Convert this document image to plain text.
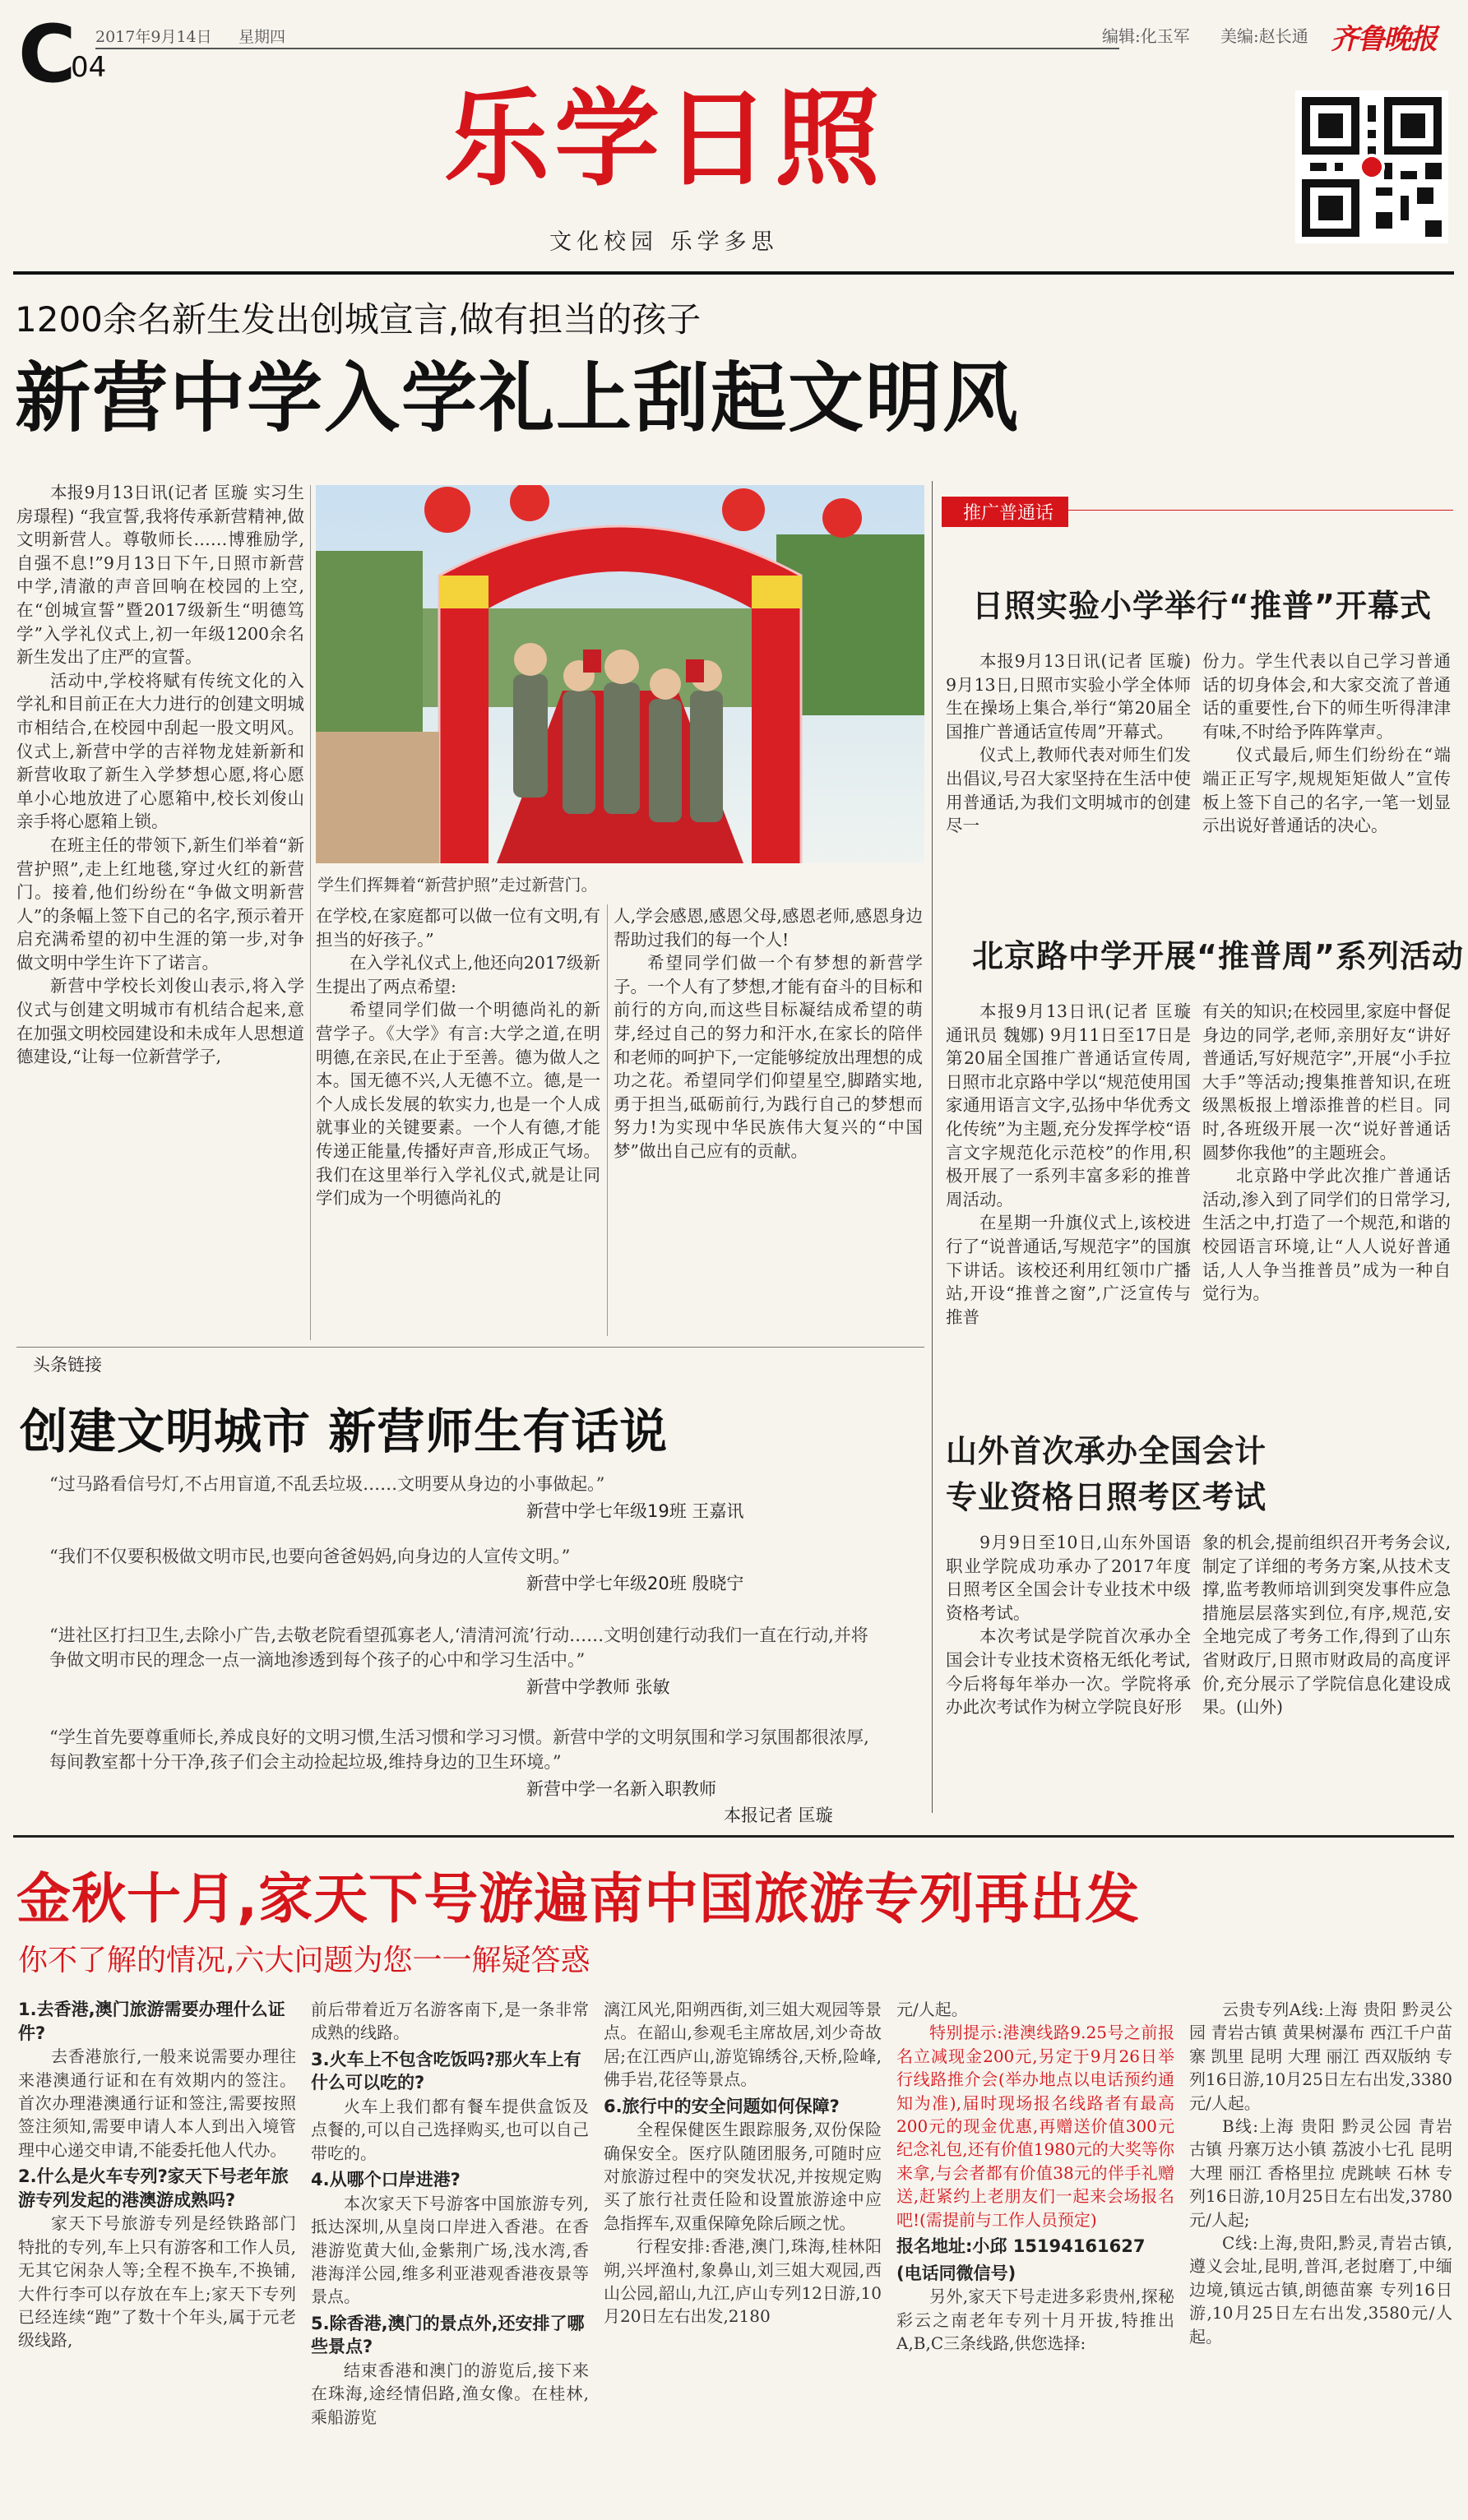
C
04
2017年9月14日 星期四	编辑:化玉军 美编:赵长通 齐鲁晚报
乐学日照
文化校园 乐学多思
1200余名新生发出创城宣言,做有担当的孩子
新营中学入学礼上刮起文明风

本报9月13日讯(记者 匡璇 实习生 房璟程) “我宣誓,我将传承新营精神,做文明新营人。尊敬师长……博雅励学,自强不息!”9月13日下午,日照市新营中学,清澈的声音回响在校园的上空,在“创城宣誓”暨2017级新生“明德笃学”入学礼仪式上,初一年级1200余名新生发出了庄严的宣誓。

活动中,学校将赋有传统文化的入学礼和目前正在大力进行的创建文明城市相结合,在校园中刮起一股文明风。仪式上,新营中学的吉祥物龙娃新新和新营收取了新生入学梦想心愿,将心愿单小心地放进了心愿箱中,校长刘俊山亲手将心愿箱上锁。

在班主任的带领下,新生们举着“新营护照”,走上红地毯,穿过火红的新营门。接着,他们纷纷在“争做文明新营人”的条幅上签下自己的名字,预示着开启充满希望的初中生涯的第一步,对争做文明中学生许下了诺言。

新营中学校长刘俊山表示,将入学仪式与创建文明城市有机结合起来,意在加强文明校园建设和未成年人思想道德建设,“让每一位新营学子,

学生们挥舞着“新营护照”走过新营门。

在学校,在家庭都可以做一位有文明,有担当的好孩子。”

在入学礼仪式上,他还向2017级新生提出了两点希望:

希望同学们做一个明德尚礼的新营学子。《大学》有言:大学之道,在明明德,在亲民,在止于至善。德为做人之本。国无德不兴,人无德不立。德,是一个人成长发展的软实力,也是一个人成就事业的关键要素。一个人有德,才能传递正能量,传播好声音,形成正气场。我们在这里举行入学礼仪式,就是让同学们成为一个明德尚礼的

人,学会感恩,感恩父母,感恩老师,感恩身边帮助过我们的每一个人!

希望同学们做一个有梦想的新营学子。一个人有了梦想,才能有奋斗的目标和前行的方向,而这些目标凝结成希望的萌芽,经过自己的努力和汗水,在家长的陪伴和老师的呵护下,一定能够绽放出理想的成功之花。希望同学们仰望星空,脚踏实地,勇于担当,砥砺前行,为践行自己的梦想而努力!为实现中华民族伟大复兴的“中国梦”做出自己应有的贡献。

头条链接
创建文明城市 新营师生有话说
“过马路看信号灯,不占用盲道,不乱丢垃圾……文明要从身边的小事做起。”
新营中学七年级19班 王嘉讯
“我们不仅要积极做文明市民,也要向爸爸妈妈,向身边的人宣传文明。”
新营中学七年级20班 殷晓宁
“进社区打扫卫生,去除小广告,去敬老院看望孤寡老人,‘清清河流’行动……文明创建行动我们一直在行动,并将争做文明市民的理念一点一滴地渗透到每个孩子的心中和学习生活中。”
新营中学教师 张敏
“学生首先要尊重师长,养成良好的文明习惯,生活习惯和学习习惯。新营中学的文明氛围和学习氛围都很浓厚,每间教室都十分干净,孩子们会主动捡起垃圾,维持身边的卫生环境。”
新营中学一名新入职教师
本报记者 匡璇
推广普通话
日照实验小学举行“推普”开幕式

本报9月13日讯(记者 匡璇) 9月13日,日照市实验小学全体师生在操场上集合,举行“第20届全国推广普通话宣传周”开幕式。

仪式上,教师代表对师生们发出倡议,号召大家坚持在生活中使用普通话,为我们文明城市的创建尽一

份力。学生代表以自己学习普通话的切身体会,和大家交流了普通话的重要性,台下的师生听得津津有味,不时给予阵阵掌声。

仪式最后,师生们纷纷在“端端正正写字,规规矩矩做人”宣传板上签下自己的名字,一笔一划显示出说好普通话的决心。

北京路中学开展“推普周”系列活动

本报9月13日讯(记者 匡璇 通讯员 魏娜) 9月11日至17日是第20届全国推广普通话宣传周,日照市北京路中学以“规范使用国家通用语言文字,弘扬中华优秀文化传统”为主题,充分发挥学校“语言文字规范化示范校”的作用,积极开展了一系列丰富多彩的推普周活动。

在星期一升旗仪式上,该校进行了“说普通话,写规范字”的国旗下讲话。该校还利用红领巾广播站,开设“推普之窗”,广泛宣传与推普

有关的知识;在校园里,家庭中督促身边的同学,老师,亲朋好友“讲好普通话,写好规范字”,开展“小手拉大手”等活动;搜集推普知识,在班级黑板报上增添推普的栏目。同时,各班级开展一次“说好普通话 圆梦你我他”的主题班会。

北京路中学此次推广普通话活动,渗入到了同学们的日常学习,生活之中,打造了一个规范,和谐的校园语言环境,让“人人说好普通话,人人争当推普员”成为一种自觉行为。

山外首次承办全国会计
专业资格日照考区考试

9月9日至10日,山东外国语职业学院成功承办了2017年度日照考区全国会计专业技术中级资格考试。

本次考试是学院首次承办全国会计专业技术资格无纸化考试,今后将每年举办一次。学院将承办此次考试作为树立学院良好形

象的机会,提前组织召开考务会议,制定了详细的考务方案,从技术支撑,监考教师培训到突发事件应急措施层层落实到位,有序,规范,安全地完成了考务工作,得到了山东省财政厅,日照市财政局的高度评价,充分展示了学院信息化建设成果。(山外)

金秋十月,家天下号游遍南中国旅游专列再出发
你不了解的情况,六大问题为您一一解疑答惑
1.去香港,澳门旅游需要办理什么证件?

去香港旅行,一般来说需要办理往来港澳通行证和在有效期内的签注。首次办理港澳通行证和签注,需要按照签注须知,需要申请人本人到出入境管理中心递交申请,不能委托他人代办。

2.什么是火车专列?家天下号老年旅游专列发起的港澳游成熟吗?

家天下号旅游专列是经铁路部门特批的专列,车上只有游客和工作人员,无其它闲杂人等;全程不换车,不换铺,大件行李可以存放在车上;家天下专列已经连续“跑”了数十个年头,属于元老级线路,

前后带着近万名游客南下,是一条非常成熟的线路。

3.火车上不包含吃饭吗?那火车上有什么可以吃的?

火车上我们都有餐车提供盒饭及点餐的,可以自己选择购买,也可以自己带吃的。

4.从哪个口岸进港?

本次家天下号游客中国旅游专列,抵达深圳,从皇岗口岸进入香港。在香港游览黄大仙,金紫荆广场,浅水湾,香港海洋公园,维多利亚港观香港夜景等景点。

5.除香港,澳门的景点外,还安排了哪些景点?

结束香港和澳门的游览后,接下来在珠海,途经情侣路,渔女像。在桂林,乘船游览

漓江风光,阳朔西街,刘三姐大观园等景点。在韶山,参观毛主席故居,刘少奇故居;在江西庐山,游览锦绣谷,天桥,险峰,佛手岩,花径等景点。

6.旅行中的安全问题如何保障?

全程保健医生跟踪服务,双份保险确保安全。医疗队随团服务,可随时应对旅游过程中的突发状况,并按规定购买了旅行社责任险和设置旅游途中应急指挥车,双重保障免除后顾之忧。

行程安排:香港,澳门,珠海,桂林阳朔,兴坪渔村,象鼻山,刘三姐大观园,西山公园,韶山,九江,庐山专列12日游,10月20日左右出发,2180

元/人起。

特别提示:港澳线路9.25号之前报名立减现金200元,另定于9月26日举行线路推介会(举办地点以电话预约通知为准),届时现场报名线路者有最高200元的现金优惠,再赠送价值300元纪念礼包,还有价值1980元的大奖等你来拿,与会者都有价值38元的伴手礼赠送,赶紧约上老朋友们一起来会场报名吧!(需提前与工作人员预定)

报名地址:小邱 15194161627
(电话同微信号)

另外,家天下号走进多彩贵州,探秘彩云之南老年专列十月开拔,特推出A,B,C三条线路,供您选择:

云贵专列A线:上海 贵阳 黔灵公园 青岩古镇 黄果树瀑布 西江千户苗寨 凯里 昆明 大理 丽江 西双版纳 专列16日游,10月25日左右出发,3380元/人起。

B线:上海 贵阳 黔灵公园 青岩古镇 丹寨万达小镇 荔波小七孔 昆明 大理 丽江 香格里拉 虎跳峡 石林 专列16日游,10月25日左右出发,3780元/人起;

C线:上海,贵阳,黔灵,青岩古镇,遵义会址,昆明,普洱,老挝磨丁,中缅边境,镇远古镇,朗德苗寨 专列16日游,10月25日左右出发,3580元/人起。
